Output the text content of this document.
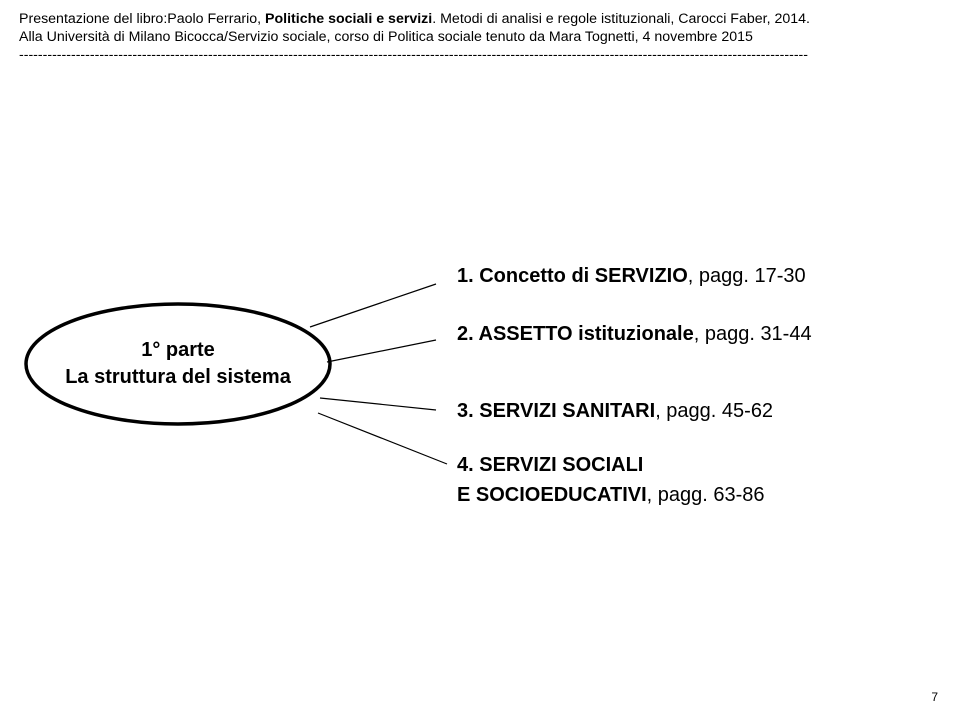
Presentazione del libro:Paolo Ferrario, Politiche sociali e servizi. Metodi di analisi e regole istituzionali, Carocci Faber, 2014.
Alla Università di Milano Bicocca/Servizio sociale, corso di Politica sociale tenuto da Mara Tognetti, 4 novembre 2015
-----------------------------------------------------------------------------------------------------------------------------------------------------------------------
1° parte
La struttura del sistema
1. Concetto di SERVIZIO, pagg. 17-30
2. ASSETTO istituzionale, pagg. 31-44
3. SERVIZI SANITARI, pagg. 45-62
4. SERVIZI SOCIALI
E SOCIOEDUCATIVI, pagg. 63-86
7
